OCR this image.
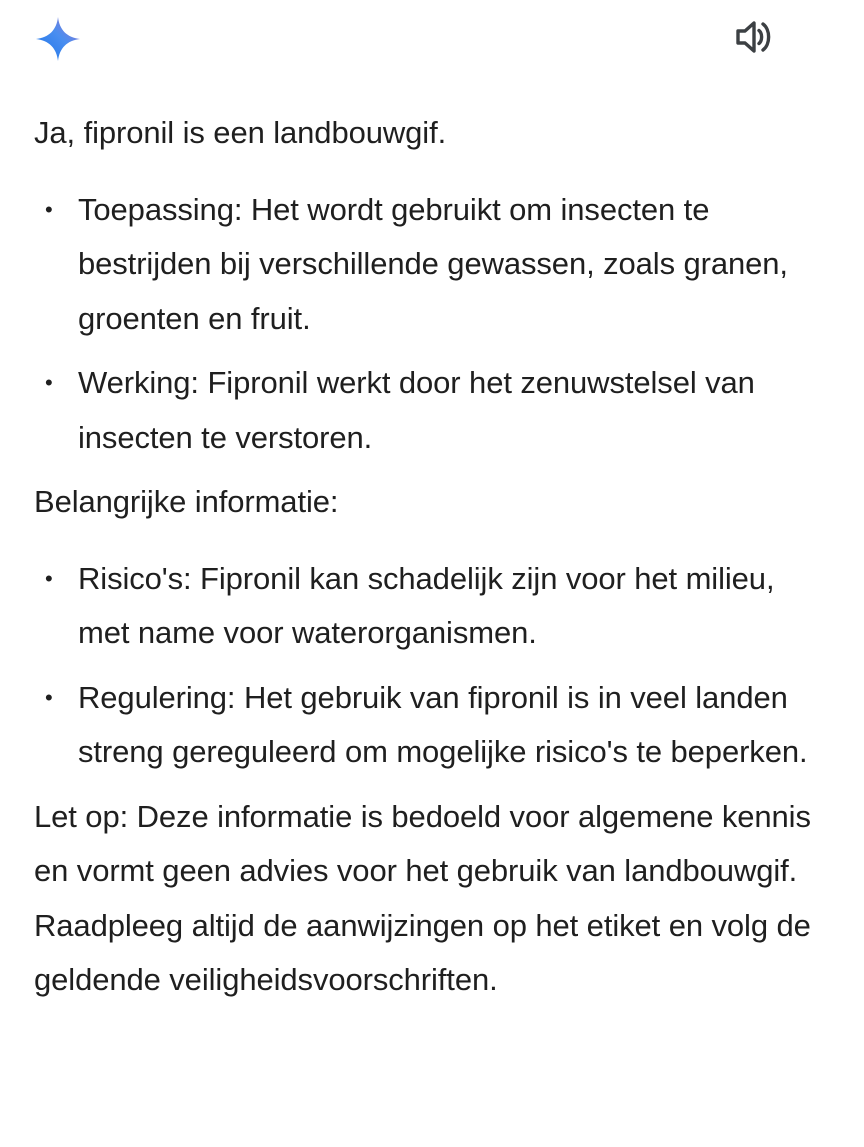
Ja, fipronil is een landbouwgif.

• Toepassing: Het wordt gebruikt om insecten te bestrijden bij verschillende gewassen, zoals granen, groenten en fruit.
• Werking: Fipronil werkt door het zenuwstelsel van insecten te verstoren.

Belangrijke informatie:

• Risico's: Fipronil kan schadelijk zijn voor het milieu, met name voor waterorganismen.
• Regulering: Het gebruik van fipronil is in veel landen streng gereguleerd om mogelijke risico's te beperken.

Let op: Deze informatie is bedoeld voor algemene kennis en vormt geen advies voor het gebruik van landbouwgif. Raadpleeg altijd de aanwijzingen op het etiket en volg de geldende veiligheidsvoorschriften.
